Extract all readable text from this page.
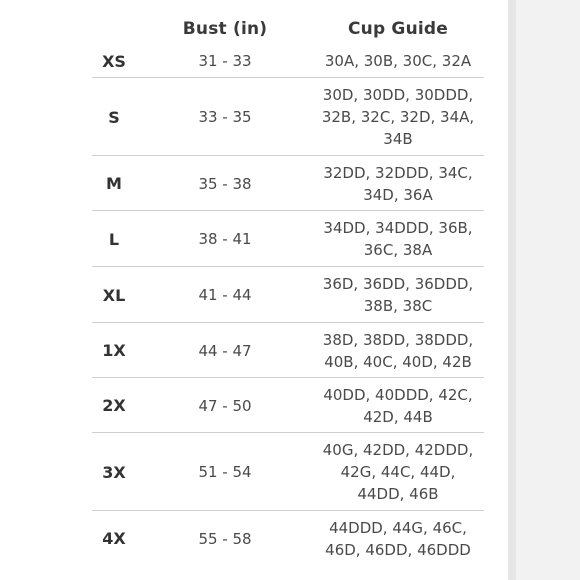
Bust (in)	Cup Guide
XS	31 - 33	30A, 30B, 30C, 32A
S	33 - 35
30D, 30DD, 30DDD,
32B, 32C, 32D, 34A,
34B
M	35 - 38
32DD, 32DDD, 34C,
34D, 36A
L	38 - 41
34DD, 34DDD, 36B,
36C, 38A
XL	41 - 44
36D, 36DD, 36DDD,
38B, 38C
1X	44 - 47
38D, 38DD, 38DDD,
40B, 40C, 40D, 42B
2X	47 - 50
40DD, 40DDD, 42C,
42D, 44B
3X	51 - 54
40G, 42DD, 42DDD,
42G, 44C, 44D,
44DD, 46B
4X	55 - 58
44DDD, 44G, 46C,
46D, 46DD, 46DDD
